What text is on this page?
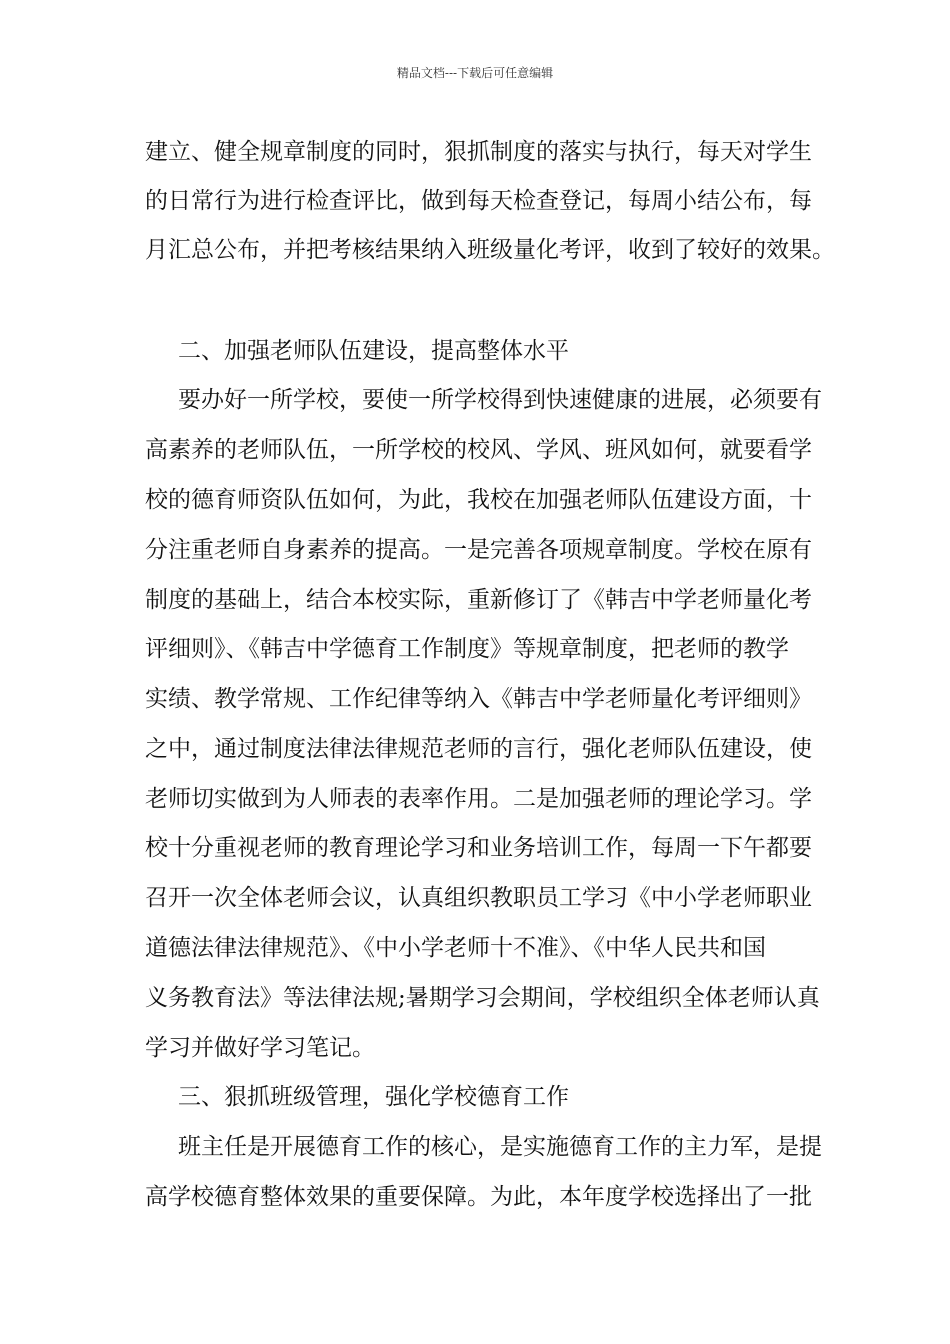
精品文档---下载后可任意编辑
建立、健全规章制度的同时，狠抓制度的落实与执行，每天对学生
的日常行为进行检查评比，做到每天检查登记，每周小结公布，每
月汇总公布，并把考核结果纳入班级量化考评，收到了较好的效果。
二、加强老师队伍建设，提高整体水平
要办好一所学校，要使一所学校得到快速健康的进展，必须要有
高素养的老师队伍，一所学校的校风、学风、班风如何，就要看学
校的德育师资队伍如何，为此，我校在加强老师队伍建设方面，十
分注重老师自身素养的提高。一是完善各项规章制度。学校在原有
制度的基础上，结合本校实际，重新修订了《韩吉中学老师量化考
评细则》、《韩吉中学德育工作制度》等规章制度，把老师的教学
实绩、教学常规、工作纪律等纳入《韩吉中学老师量化考评细则》
之中，通过制度法律法律规范老师的言行，强化老师队伍建设，使
老师切实做到为人师表的表率作用。二是加强老师的理论学习。学
校十分重视老师的教育理论学习和业务培训工作，每周一下午都要
召开一次全体老师会议，认真组织教职员工学习《中小学老师职业
道德法律法律规范》、《中小学老师十不准》、《中华人民共和国
义务教育法》等法律法规;暑期学习会期间，学校组织全体老师认真
学习并做好学习笔记。
三、狠抓班级管理，强化学校德育工作
班主任是开展德育工作的核心，是实施德育工作的主力军，是提
高学校德育整体效果的重要保障。为此，本年度学校选择出了一批
